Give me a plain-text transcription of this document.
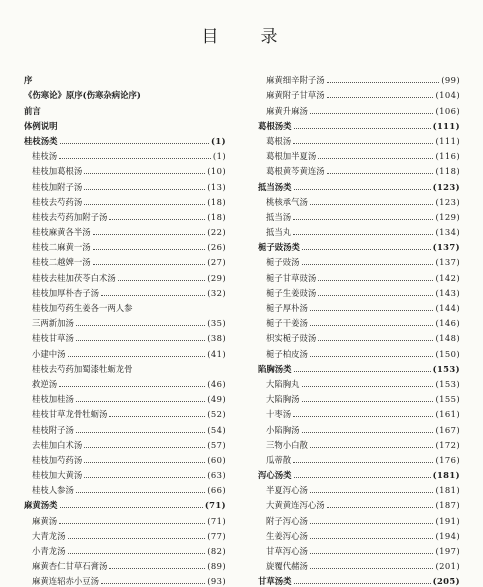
目 录
序
《伤寒论》原序(伤寒杂病论序)
前言
体例说明
桂枝汤类	(1)
桂枝汤	(1)
桂枝加葛根汤	(10)
桂枝加附子汤	(13)
桂枝去芍药汤	(18)
桂枝去芍药加附子汤	(18)
桂枝麻黄各半汤	(22)
桂枝二麻黄一汤	(26)
桂枝二越婢一汤	(27)
桂枝去桂加茯苓白术汤	(29)
桂枝加厚朴杏子汤	(32)
桂枝加芍药生姜各一两人参
三两新加汤	(35)
桂枝甘草汤	(38)
小建中汤	(41)
桂枝去芍药加蜀漆牡蛎龙骨
救逆汤	(46)
桂枝加桂汤	(49)
桂枝甘草龙骨牡蛎汤	(52)
桂枝附子汤	(54)
去桂加白术汤	(57)
桂枝加芍药汤	(60)
桂枝加大黄汤	(63)
桂枝人参汤	(66)
麻黄汤类	(71)
麻黄汤	(71)
大青龙汤	(77)
小青龙汤	(82)
麻黄杏仁甘草石膏汤	(89)
麻黄连轺赤小豆汤	(93)
麻黄细辛附子汤	(99)
麻黄附子甘草汤	(104)
麻黄升麻汤	(106)
葛根汤类	(111)
葛根汤	(111)
葛根加半夏汤	(116)
葛根黄芩黄连汤	(118)
抵当汤类	(123)
桃核承气汤	(123)
抵当汤	(129)
抵当丸	(134)
栀子豉汤类	(137)
栀子豉汤	(137)
栀子甘草豉汤	(142)
栀子生姜豉汤	(143)
栀子厚朴汤	(144)
栀子干姜汤	(146)
枳实栀子豉汤	(148)
栀子柏皮汤	(150)
陷胸汤类	(153)
大陷胸丸	(153)
大陷胸汤	(155)
十枣汤	(161)
小陷胸汤	(167)
三物小白散	(172)
瓜蒂散	(176)
泻心汤类	(181)
半夏泻心汤	(181)
大黄黄连泻心汤	(187)
附子泻心汤	(191)
生姜泻心汤	(194)
甘草泻心汤	(197)
旋覆代赭汤	(201)
甘草汤类	(205)
